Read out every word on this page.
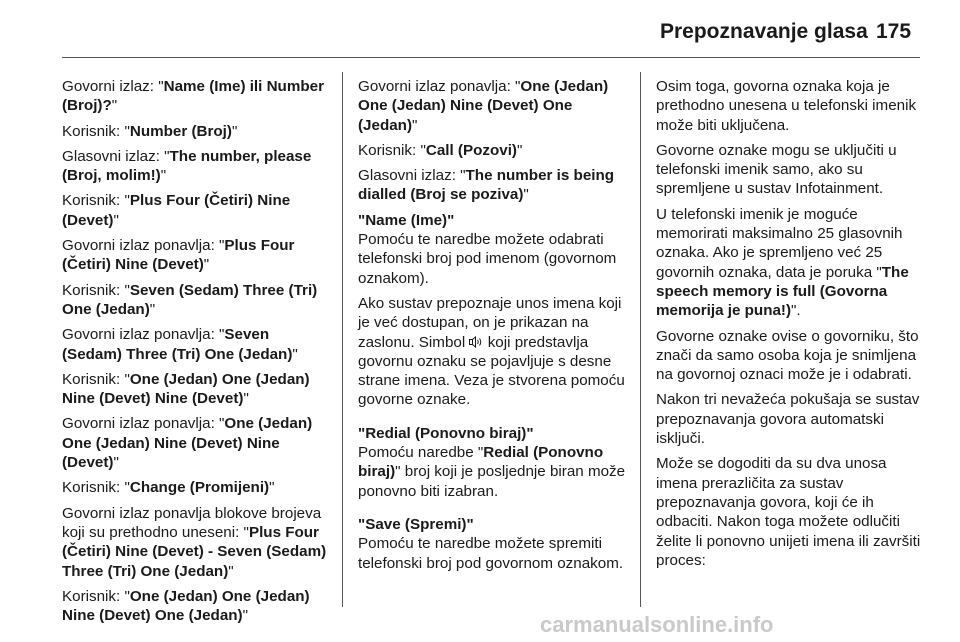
Prepoznavanje glasa 175

Govorni izlaz: "Name (Ime) ili Number (Broj)?"

Korisnik: "Number (Broj)"

Glasovni izlaz: "The number, please (Broj, molim!)"

Korisnik: "Plus Four (Četiri) Nine (Devet)"

Govorni izlaz ponavlja: "Plus Four (Četiri) Nine (Devet)"

Korisnik: "Seven (Sedam) Three (Tri) One (Jedan)"

Govorni izlaz ponavlja: "Seven (Sedam) Three (Tri) One (Jedan)"

Korisnik: "One (Jedan) One (Jedan) Nine (Devet) Nine (Devet)"

Govorni izlaz ponavlja: "One (Jedan) One (Jedan) Nine (Devet) Nine (Devet)"

Korisnik: "Change (Promijeni)"

Govorni izlaz ponavlja blokove brojeva koji su prethodno uneseni: "Plus Four (Četiri) Nine (Devet) - Seven (Sedam) Three (Tri) One (Jedan)"

Korisnik: "One (Jedan) One (Jedan) Nine (Devet) One (Jedan)"

Govorni izlaz ponavlja: "One (Jedan) One (Jedan) Nine (Devet) One (Jedan)"

Korisnik: "Call (Pozovi)"

Glasovni izlaz: "The number is being dialled (Broj se poziva)"

"Name (Ime)"
Pomoću te naredbe možete odabrati telefonski broj pod imenom (govornom oznakom).

Ako sustav prepoznaje unos imena koji je već dostupan, on je prikazan na zaslonu. Simbol koji predstavlja govornu oznaku se pojavljuje s desne strane imena. Veza je stvorena pomoću govorne oznake.

"Redial (Ponovno biraj)"
Pomoću naredbe "Redial (Ponovno biraj)" broj koji je posljednje biran može ponovno biti izabran.

"Save (Spremi)"
Pomoću te naredbe možete spremiti telefonski broj pod govornom oznakom.

Osim toga, govorna oznaka koja je prethodno unesena u telefonski imenik može biti uključena.

Govorne oznake mogu se uključiti u telefonski imenik samo, ako su spremljene u sustav Infotainment.

U telefonski imenik je moguće memorirati maksimalno 25 glasovnih oznaka. Ako je spremljeno već 25 govornih oznaka, data je poruka "The speech memory is full (Govorna memorija je puna!)".

Govorne oznake ovise o govorniku, što znači da samo osoba koja je snimljena na govornoj oznaci može je i odabrati.

Nakon tri nevažeća pokušaja se sustav prepoznavanja govora automatski isključi.

Može se dogoditi da su dva unosa imena prerazličita za sustav prepoznavanja govora, koji će ih odbaciti. Nakon toga možete odlučiti želite li ponovno unijeti imena ili završiti proces:

carmanualsonline.info
